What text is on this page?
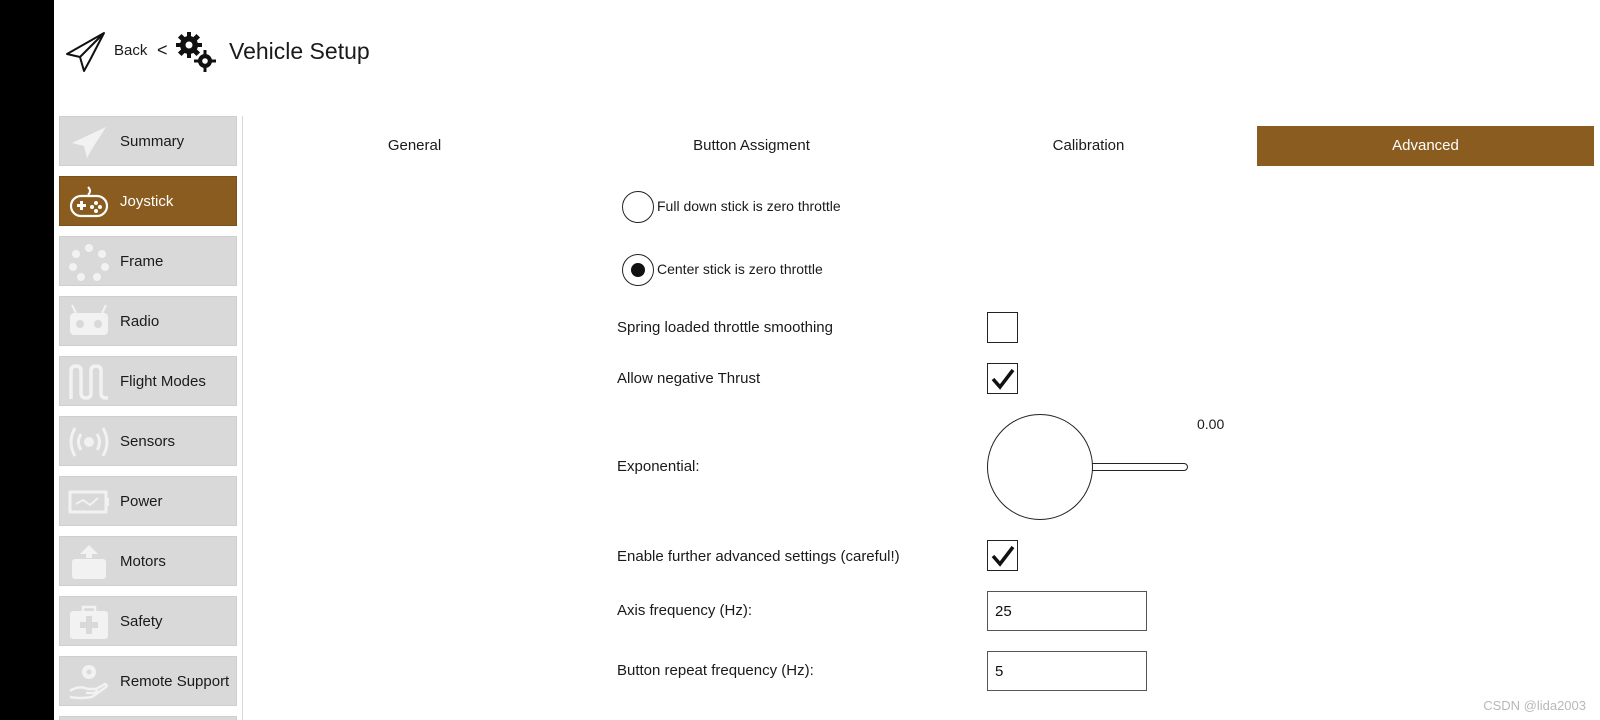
Back <	Vehicle Setup
Summary
Joystick
Frame
Radio
Flight Modes
Sensors
Power
Motors
Safety
Remote Support
General	Button Assigment	Calibration	Advanced
Full down stick is zero throttle
Center stick is zero throttle
Spring loaded throttle smoothing
Allow negative Thrust
Exponential:
0.00
Enable further advanced settings (careful!)
Axis frequency (Hz):
25
Button repeat frequency (Hz):
5
CSDN @lida2003
